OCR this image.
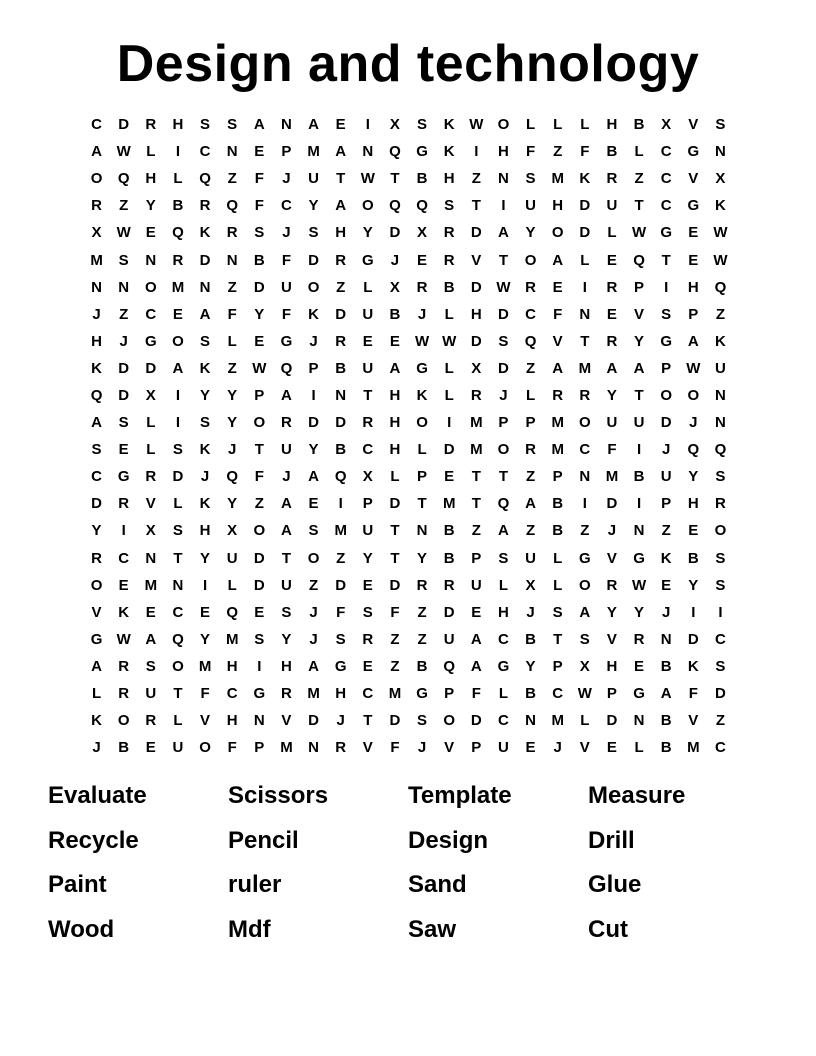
Design and technology
C	D	R	H	S	S	A	N	A	E	I	X	S	K W O	L	L	L	H	B	X	V	S
A W	L	I	C	N	E	P	M	A	N	Q	G	K	I	H	F	Z	F	B	L	C	G	N
O	Q	H	L	Q	Z	F	J	U	T	W	T	B	H	Z	N	S	M	K	R	Z	C	V	X
R	Z	Y	B	R	Q	F	C	Y	A	O	Q	Q	S	T	I	U	H	D	U	T	C	G	K
X	W	E	Q	K	R	S	J	S	H	Y	D	X	R	D	A	Y	O	D	L	W G	E	W
M	S	N	R	D	N	B	F	D	R	G	J	E	R	V	T	O	A	L	E	Q	T	E	W
N	N	O	M	N	Z	D	U	O	Z	L	X	R	B	D W R	E	I	R	P	I	H	Q
J	Z	C	E	A	F	Y	F	K	D	U	B	J	L	H	D	C	F	N	E	V	S	P	Z
H	J	G	O	S	L	E	G	J	R	E	E	W W D	S	Q	V	T	R	Y	G	A	K
K	D	D	A	K	Z	W Q	P	B	U	A	G	L	X	D	Z	A	M	A	A	P	W U
Q	D	X	I	Y	Y	P	A	I	N	T	H	K	L	R	J	L	R	R	Y	T	O	O	N
A	S	L	I	S	Y	O	R	D	D	R	H	O	I	M	P	P	M	O	U	U	D	J	N
S	E	L	S	K	J	T	U	Y	B	C	H	L	D	M	O	R	M	C	F	I	J	Q	Q
C	G	R	D	J	Q	F	J	A	Q	X	L	P	E	T	T	Z	P	N	M	B	U	Y	S
D	R	V	L	K	Y	Z	A	E	I	P	D	T	M	T	Q	A	B	I	D	I	P	H	R
Y	I	X	S	H	X	O	A	S	M	U	T	N	B	Z	A	Z	B	Z	J	N	Z	E	O
R	C	N	T	Y	U	D	T	O	Z	Y	T	Y	B	P	S	U	L	G	V	G	K	B	S
O	E	M	N	I	L	D	U	Z	D	E	D	R	R	U	L	X	L	O	R W	E	Y	S
V	K	E	C	E	Q	E	S	J	F	S	F	Z	D	E	H	J	S	A	Y	Y	J	I	I
G W A	Q	Y	M	S	Y	J	S	R	Z	Z	U	A	C	B	T	S	V	R	N	D	C
A	R	S	O	M	H	I	H	A	G	E	Z	B	Q	A	G	Y	P	X	H	E	B	K	S
L	R	U	T	F	C	G	R	M	H	C	M	G	P	F	L	B	C W	P	G	A	F	D
K	O	R	L	V	H	N	V	D	J	T	D	S	O	D	C	N	M	L	D	N	B	V	Z
J	B	E	U	O	F	P	M	N	R	V	F	J	V	P	U	E	J	V	E	L	B	M	C
Evaluate	Scissors	Template	Measure
Recycle	Pencil	Design	Drill
Paint	ruler	Sand	Glue
Wood	Mdf	Saw	Cut
